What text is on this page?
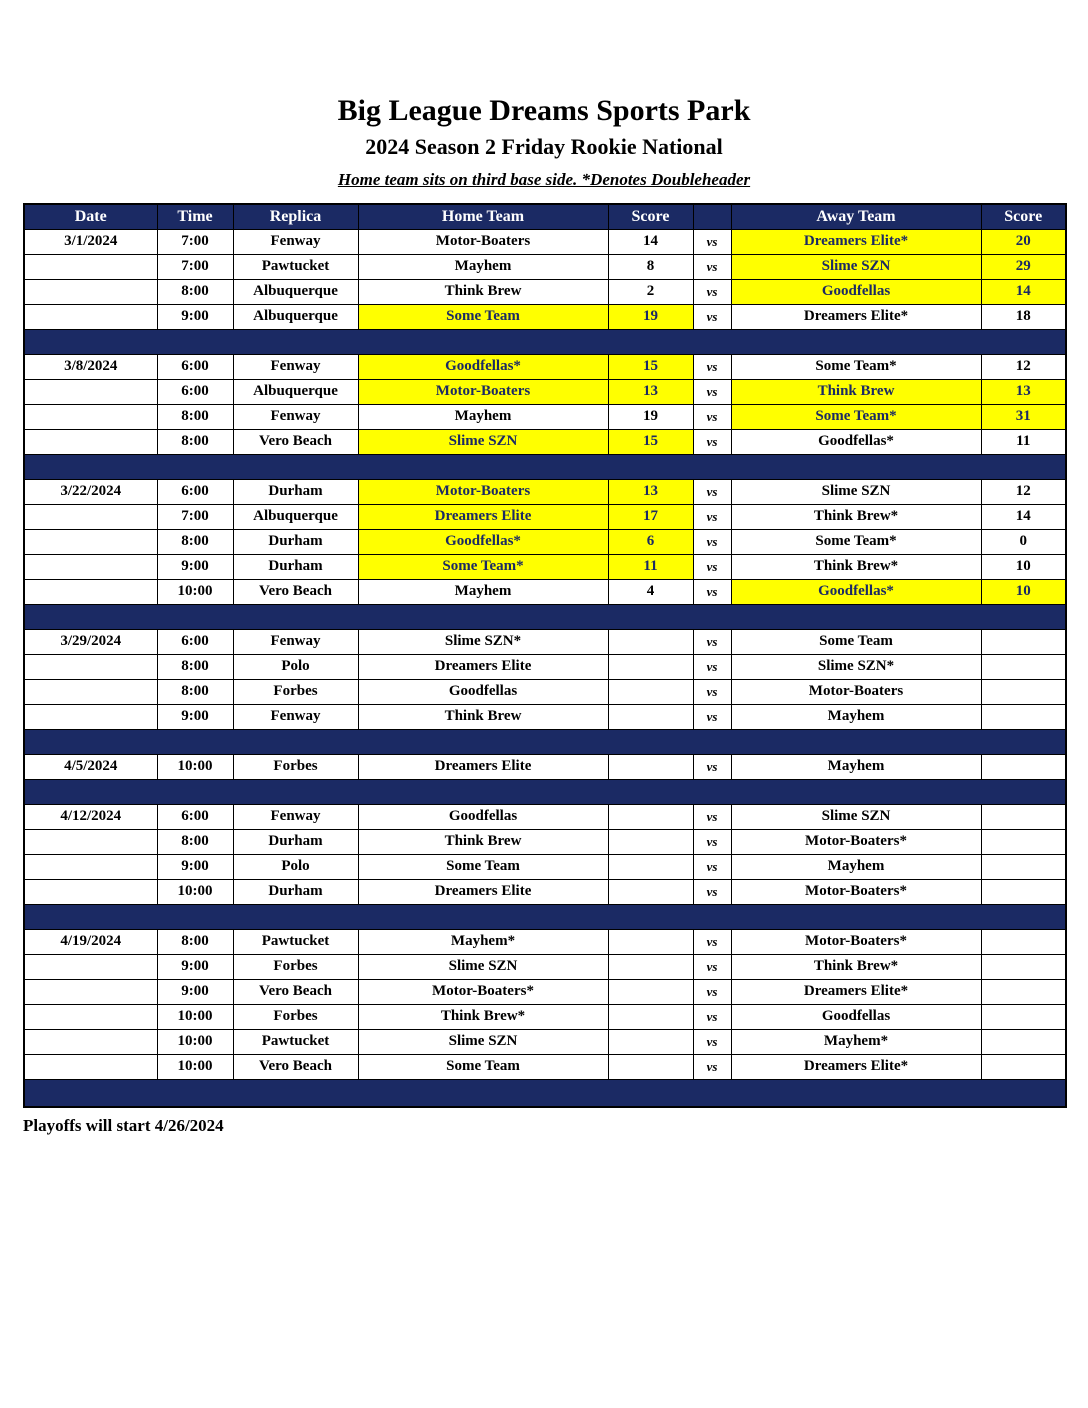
Big League Dreams Sports Park
2024 Season 2 Friday Rookie National
Home team sits on third base side. *Denotes Doubleheader
Date	Time	Replica	Home Team	Score		Away Team	Score
3/1/2024	7:00	Fenway	Motor-Boaters	14	vs	Dreamers Elite*	20
	7:00	Pawtucket	Mayhem	8	vs	Slime SZN	29
	8:00	Albuquerque	Think Brew	2	vs	Goodfellas	14
	9:00	Albuquerque	Some Team	19	vs	Dreamers Elite*	18

3/8/2024	6:00	Fenway	Goodfellas*	15	vs	Some Team*	12
	6:00	Albuquerque	Motor-Boaters	13	vs	Think Brew	13
	8:00	Fenway	Mayhem	19	vs	Some Team*	31
	8:00	Vero Beach	Slime SZN	15	vs	Goodfellas*	11

3/22/2024	6:00	Durham	Motor-Boaters	13	vs	Slime SZN	12
	7:00	Albuquerque	Dreamers Elite	17	vs	Think Brew*	14
	8:00	Durham	Goodfellas*	6	vs	Some Team*	0
	9:00	Durham	Some Team*	11	vs	Think Brew*	10
	10:00	Vero Beach	Mayhem	4	vs	Goodfellas*	10

3/29/2024	6:00	Fenway	Slime SZN*		vs	Some Team	
	8:00	Polo	Dreamers Elite		vs	Slime SZN*	
	8:00	Forbes	Goodfellas		vs	Motor-Boaters	
	9:00	Fenway	Think Brew		vs	Mayhem	

4/5/2024	10:00	Forbes	Dreamers Elite		vs	Mayhem	

4/12/2024	6:00	Fenway	Goodfellas		vs	Slime SZN	
	8:00	Durham	Think Brew		vs	Motor-Boaters*	
	9:00	Polo	Some Team		vs	Mayhem	
	10:00	Durham	Dreamers Elite		vs	Motor-Boaters*	

4/19/2024	8:00	Pawtucket	Mayhem*		vs	Motor-Boaters*	
	9:00	Forbes	Slime SZN		vs	Think Brew*	
	9:00	Vero Beach	Motor-Boaters*		vs	Dreamers Elite*	
	10:00	Forbes	Think Brew*		vs	Goodfellas	
	10:00	Pawtucket	Slime SZN		vs	Mayhem*	
	10:00	Vero Beach	Some Team		vs	Dreamers Elite*	

Playoffs will start 4/26/2024
